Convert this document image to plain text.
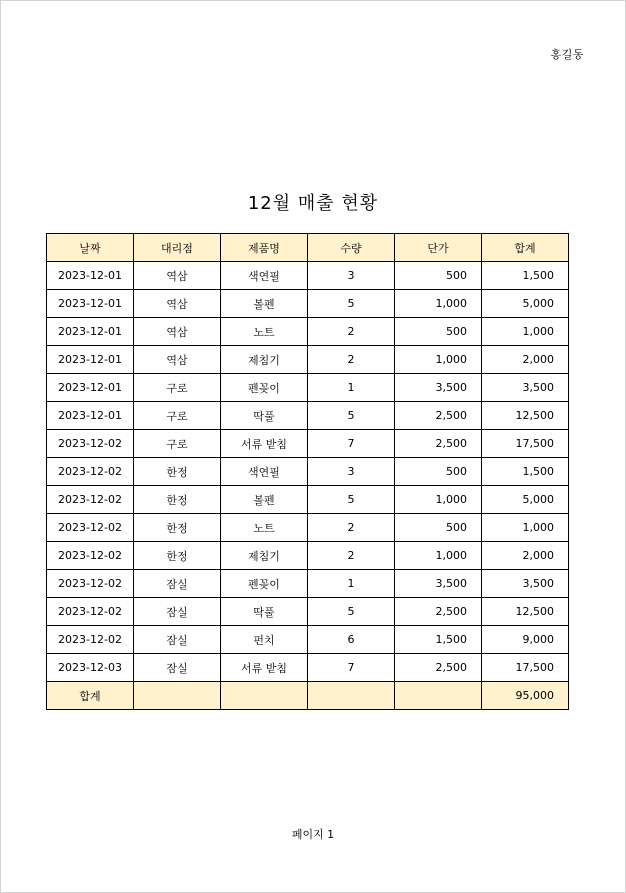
홍길동
12월 매출 현황
날짜	대리점	제품명	수량	단가	합계
2023-12-01	역삼	색연필	3	500	1,500
2023-12-01	역삼	볼펜	5	1,000	5,000
2023-12-01	역삼	노트	2	500	1,000
2023-12-01	역삼	제침기	2	1,000	2,000
2023-12-01	구로	펜꽂이	1	3,500	3,500
2023-12-01	구로	딱풀	5	2,500	12,500
2023-12-02	구로	서류 받침	7	2,500	17,500
2023-12-02	한정	색연필	3	500	1,500
2023-12-02	한정	볼펜	5	1,000	5,000
2023-12-02	한정	노트	2	500	1,000
2023-12-02	한정	제침기	2	1,000	2,000
2023-12-02	잠실	펜꽂이	1	3,500	3,500
2023-12-02	잠실	딱풀	5	2,500	12,500
2023-12-02	잠실	펀치	6	1,500	9,000
2023-12-03	잠실	서류 받침	7	2,500	17,500
합계					95,000
페이지 1
